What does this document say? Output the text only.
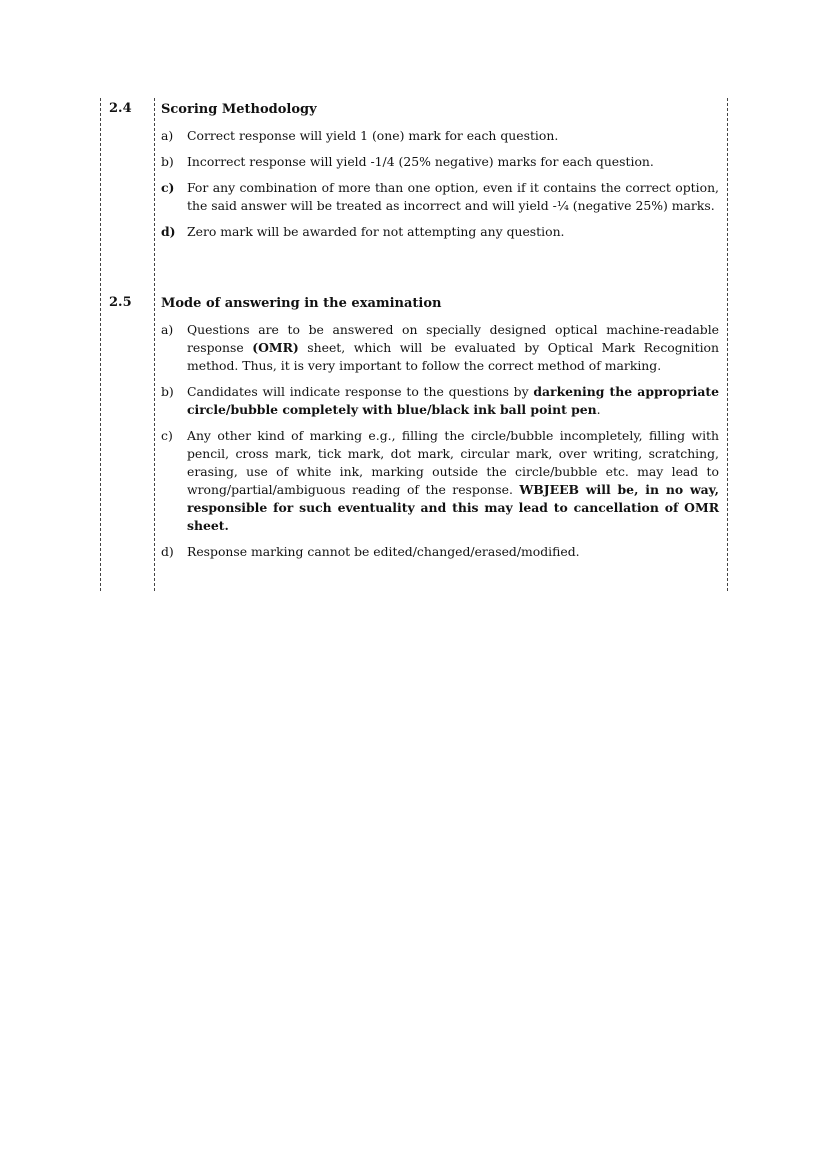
2.4 Scoring Methodology
a) Correct response will yield 1 (one) mark for each question.
b) Incorrect response will yield -1/4 (25% negative) marks for each question.
c) For any combination of more than one option, even if it contains the correct option, the said answer will be treated as incorrect and will yield -¼ (negative 25%) marks.
d) Zero mark will be awarded for not attempting any question.
2.5 Mode of answering in the examination
a) Questions are to be answered on specially designed optical machine-readable response (OMR) sheet, which will be evaluated by Optical Mark Recognition method. Thus, it is very important to follow the correct method of marking.
b) Candidates will indicate response to the questions by darkening the appropriate circle/bubble completely with blue/black ink ball point pen.
c) Any other kind of marking e.g., filling the circle/bubble incompletely, filling with pencil, cross mark, tick mark, dot mark, circular mark, over writing, scratching, erasing, use of white ink, marking outside the circle/bubble etc. may lead to wrong/partial/ambiguous reading of the response. WBJEEB will be, in no way, responsible for such eventuality and this may lead to cancellation of OMR sheet.
d) Response marking cannot be edited/changed/erased/modified.
